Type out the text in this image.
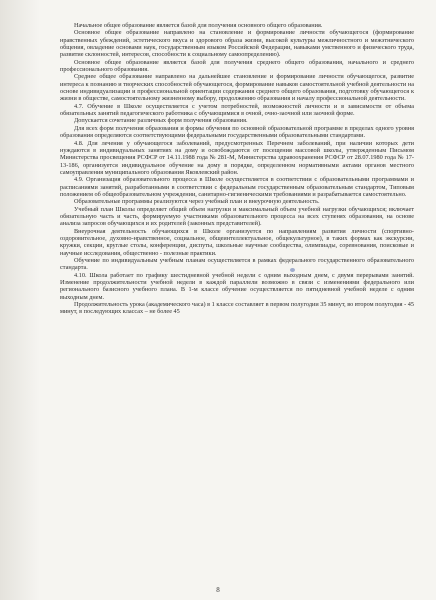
Начальное общее образование является базой для получения основного общего образования.

Основное общее образование направлено на становление и формирование личности обучающегося (формирование нравственных убеждений, эстетического вкуса и здорового образа жизни, высокой культуры межличностного и межэтнического общения, овладение основами наук, государственным языком Российской Федерации, навыками умственного и физического труда, развитие склонностей, интересов, способности к социальному самоопределению).

Основное общее образование является базой для получения среднего общего образования, начального и среднего профессионального образования.

Среднее общее образование направлено на дальнейшее становление и формирование личности обучающегося, развитие интереса к познанию и творческих способностей обучающегося, формирование навыков самостоятельной учебной деятельности на основе индивидуализации и профессиональной ориентации содержания среднего общего образования, подготовку обучающегося к жизни в обществе, самостоятельному жизненному выбору, продолжению образования и началу профессиональной деятельности.

4.7. Обучение в Школе осуществляется с учетом потребностей, возможностей личности и в зависимости от объема обязательных занятий педагогического работника с обучающимися в очной, очно-заочной или заочной форме.

Допускается сочетание различных форм получения образования.

Для всех форм получения образования и формы обучения по основной образовательной программе в пределах одного уровня образования определяются соответствующими федеральными государственными образовательными стандартами.

4.8. Для лечения у обучающегося заболеваний, предусмотренных Перечнем заболеваний, при наличии которых дети нуждаются в индивидуальных занятиях на дому и освобождаются от посещения массовой школы, утвержденным Письмом Министерства просвещения РСФСР от 14.11.1988 года № 281-М, Министерства здравоохранения РСФСР от 28.07.1980 года № 17-13-186, организуется индивидуальное обучение на дому в порядке, определенном нормативными актами органов местного самоуправления муниципального образования Яковлевский район.

4.9. Организация образовательного процесса в Школе осуществляется в соответствии с образовательными программами и расписаниями занятий, разработанными в соответствии с федеральным государственным образовательным стандартом, Типовым положением об общеобразовательном учреждении, санитарно-гигиеническими требованиями и разрабатывается самостоятельно.

Образовательные программы реализуются через учебный план и внеурочную деятельность.

Учебный план Школы определяет общий объем нагрузки и максимальный объем учебной нагрузки обучающихся; включает обязательную часть и часть, формируемую участниками образовательного процесса на всех ступенях образования, на основе анализа запросов обучающихся и их родителей (законных представителей).

Внеурочная деятельность обучающихся в Школе организуется по направлениям развития личности (спортивно-оздоровительное, духовно-нравственное, социальное, общеинтеллектуальное, общекультурное), в таких формах как экскурсии, кружки, секции, круглые столы, конференции, диспуты, школьные научные сообщества, олимпиады, соревнования, поисковые и научные исследования, общественно - полезные практики.

Обучение по индивидуальным учебным планам осуществляется в рамках федерального государственного образовательного стандарта.

4.10. Школа работает по графику шестидневной учебной недели с одним выходным днем, с двумя перерывами занятий. Изменение продолжительности учебной недели в каждой параллели возможно в связи с изменениями федерального или регионального базисного учебного плана. В 1-м классе обучение осуществляется по пятидневной учебной неделе с одним выходным днем.

Продолжительность урока (академического часа) в 1 классе составляет в первом полугодии 35 минут, во втором полугодия - 45 минут, в последующих классах – не более 45

8
